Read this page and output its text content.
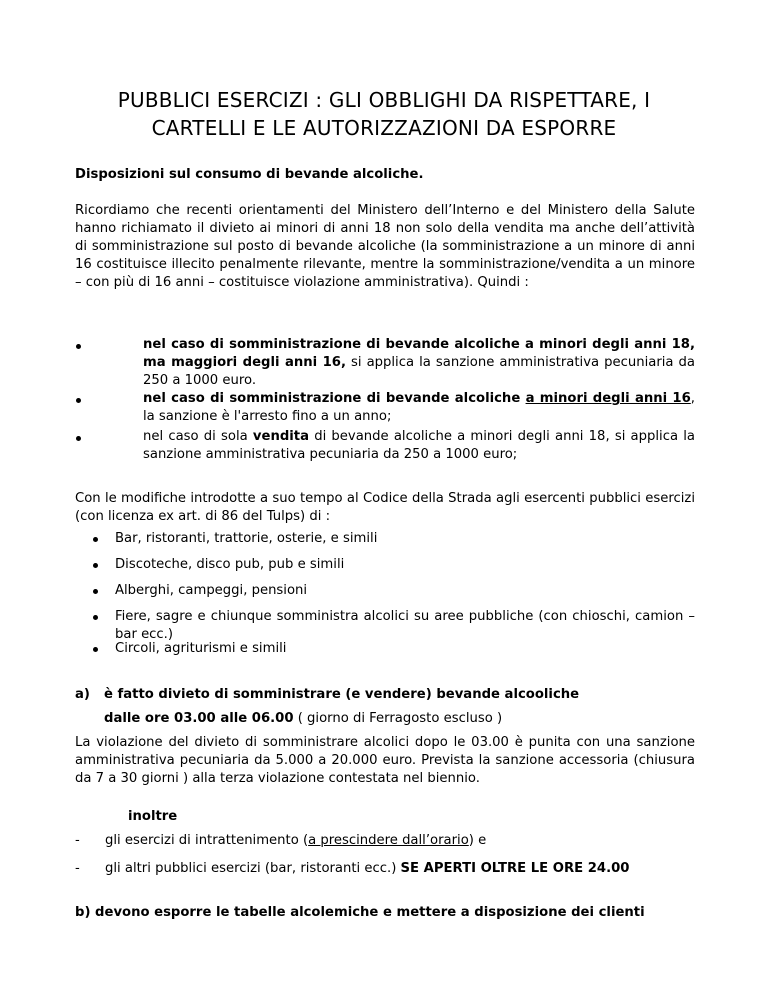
PUBBLICI ESERCIZI : GLI OBBLIGHI DA RISPETTARE, I
CARTELLI E LE AUTORIZZAZIONI DA ESPORRE
Disposizioni sul consumo di bevande alcoliche.
Ricordiamo che recenti orientamenti del Ministero dell’Interno e del Ministero della Salute hanno richiamato il divieto ai minori di anni 18 non solo della vendita ma anche dell’attività di somministrazione sul posto di bevande alcoliche (la somministrazione a un minore di anni 16 costituisce illecito penalmente rilevante, mentre la somministrazione/vendita a un minore – con più di 16 anni – costituisce violazione amministrativa). Quindi :
nel caso di somministrazione di bevande alcoliche a minori degli anni 18, ma maggiori degli anni 16, si applica la sanzione amministrativa pecuniaria da 250 a 1000 euro.
nel caso di somministrazione di bevande alcoliche a minori degli anni 16, la sanzione è l'arresto fino a un anno;
nel caso di sola vendita di bevande alcoliche a minori degli anni 18, si applica la sanzione amministrativa pecuniaria da 250 a 1000 euro;
Con le modifiche introdotte a suo tempo al Codice della Strada agli esercenti pubblici esercizi (con licenza ex art. di 86 del Tulps) di :
Bar, ristoranti, trattorie, osterie, e simili
Discoteche, disco pub, pub e simili
Alberghi, campeggi, pensioni
Fiere, sagre e chiunque somministra alcolici su aree pubbliche (con chioschi, camion –bar ecc.)
Circoli, agriturismi e simili
a) è fatto divieto di somministrare (e vendere) bevande alcooliche
dalle ore 03.00 alle 06.00 ( giorno di Ferragosto escluso )
La violazione del divieto di somministrare alcolici dopo le 03.00 è punita con una sanzione amministrativa pecuniaria da 5.000 a 20.000 euro. Prevista la sanzione accessoria (chiusura da 7 a 30 giorni ) alla terza violazione contestata nel biennio.
inoltre
- gli esercizi di intrattenimento (a prescindere dall’orario) e
- gli altri pubblici esercizi (bar, ristoranti ecc.) SE APERTI OLTRE LE ORE 24.00
b) devono esporre le tabelle alcolemiche e mettere a disposizione dei clienti
